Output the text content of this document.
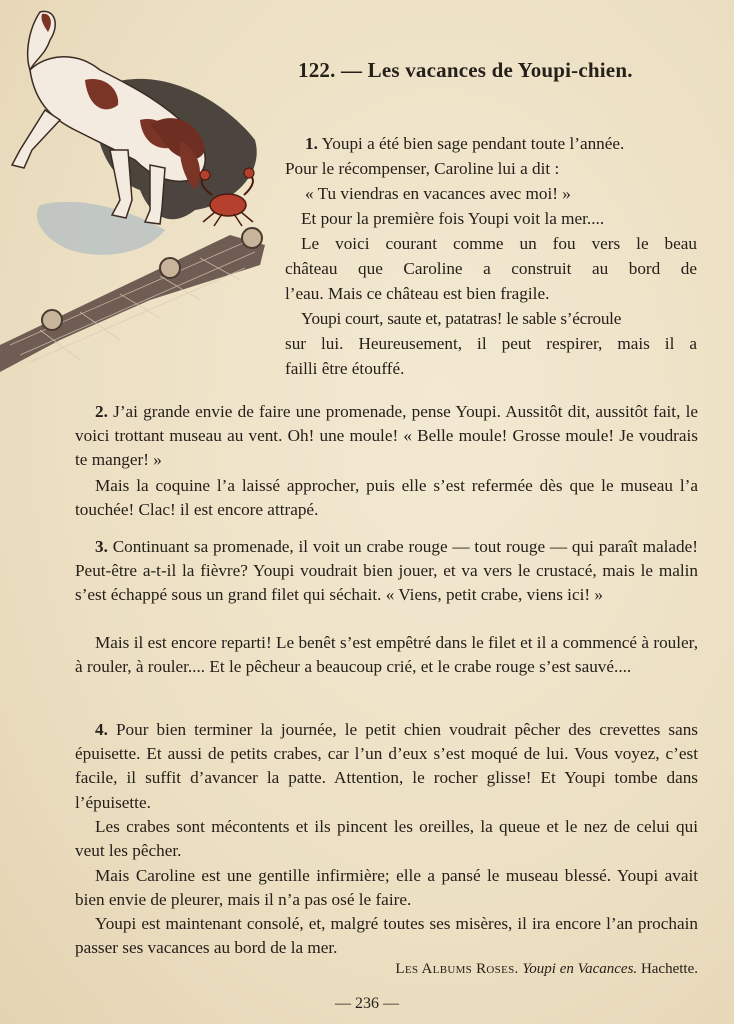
122. — Les vacances de Youpi-chien.

1. Youpi a été bien sage pendant toute l’année.

Pour le récompenser, Caroline lui a dit :

« Tu viendras en vacances avec moi! »

Et pour la première fois Youpi voit la mer....

Le voici courant comme un fou vers le beau

château que Caroline a construit au bord de

l’eau. Mais ce château est bien fragile.

Youpi court, saute et, patatras! le sable s’écroule

sur lui. Heureusement, il peut respirer, mais il a

failli être étouffé.

2. J’ai grande envie de faire une promenade, pense Youpi. Aussitôt dit, aussitôt fait, le voici trottant museau au vent. Oh! une moule! « Belle moule! Grosse moule! Je voudrais te manger! »

Mais la coquine l’a laissé approcher, puis elle s’est refermée dès que le museau l’a touchée! Clac! il est encore attrapé.

3. Continuant sa promenade, il voit un crabe rouge — tout rouge — qui paraît malade! Peut-être a-t-il la fièvre? Youpi voudrait bien jouer, et va vers le crustacé, mais le malin s’est échappé sous un grand filet qui séchait. « Viens, petit crabe, viens ici! »

Mais il est encore reparti! Le benêt s’est empêtré dans le filet et il a commencé à rouler, à rouler, à rouler.... Et le pêcheur a beaucoup crié, et le crabe rouge s’est sauvé....

4. Pour bien terminer la journée, le petit chien voudrait pêcher des crevettes sans épuisette. Et aussi de petits crabes, car l’un d’eux s’est moqué de lui. Vous voyez, c’est facile, il suffit d’avancer la patte. Attention, le rocher glisse! Et Youpi tombe dans l’épuisette.

Les crabes sont mécontents et ils pincent les oreilles, la queue et le nez de celui qui veut les pêcher.

Mais Caroline est une gentille infirmière; elle a pansé le museau blessé. Youpi avait bien envie de pleurer, mais il n’a pas osé le faire.

Youpi est maintenant consolé, et, malgré toutes ses misères, il ira encore l’an prochain passer ses vacances au bord de la mer.

Les Albums Roses. Youpi en Vacances. Hachette.
— 236 —
